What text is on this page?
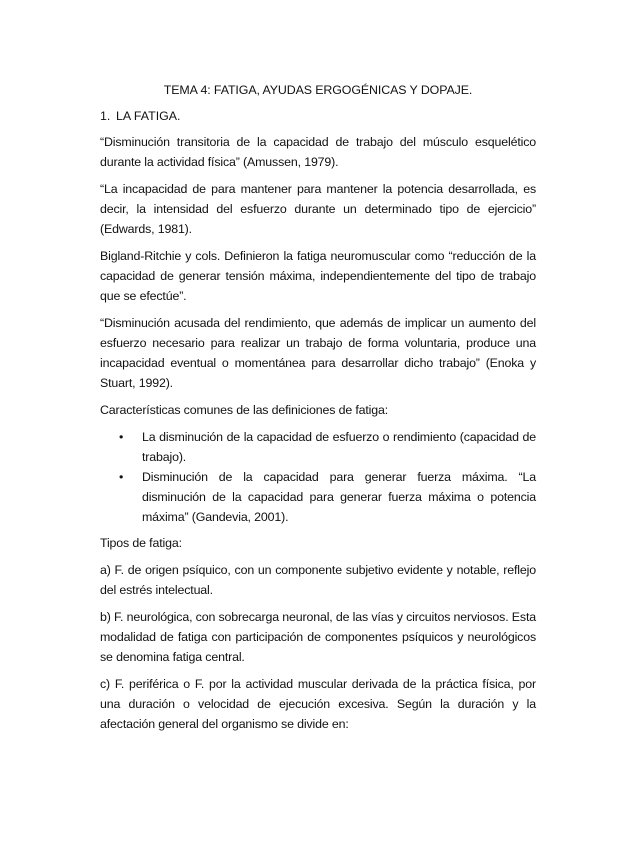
TEMA 4: FATIGA, AYUDAS ERGOGÉNICAS Y DOPAJE.
1. LA FATIGA.

“Disminución transitoria de la capacidad de trabajo del músculo esquelético durante la actividad física” (Amussen, 1979).

“La incapacidad de para mantener para mantener la potencia desarrollada, es decir, la intensidad del esfuerzo durante un determinado tipo de ejercicio” (Edwards, 1981).

Bigland-Ritchie y cols. Definieron la fatiga neuromuscular como “reducción de la capacidad de generar tensión máxima, independientemente del tipo de trabajo que se efectúe”.

“Disminución acusada del rendimiento, que además de implicar un aumento del esfuerzo necesario para realizar un trabajo de forma voluntaria, produce una incapacidad eventual o momentánea para desarrollar dicho trabajo” (Enoka y Stuart, 1992).

Características comunes de las definiciones de fatiga:

• La disminución de la capacidad de esfuerzo o rendimiento (capacidad de trabajo).
• Disminución de la capacidad para generar fuerza máxima. “La disminución de la capacidad para generar fuerza máxima o potencia máxima” (Gandevia, 2001).

Tipos de fatiga:

a) F. de origen psíquico, con un componente subjetivo evidente y notable, reflejo del estrés intelectual.

b) F. neurológica, con sobrecarga neuronal, de las vías y circuitos nerviosos. Esta modalidad de fatiga con participación de componentes psíquicos y neurológicos se denomina fatiga central.

c) F. periférica o F. por la actividad muscular derivada de la práctica física, por una duración o velocidad de ejecución excesiva. Según la duración y la afectación general del organismo se divide en:
